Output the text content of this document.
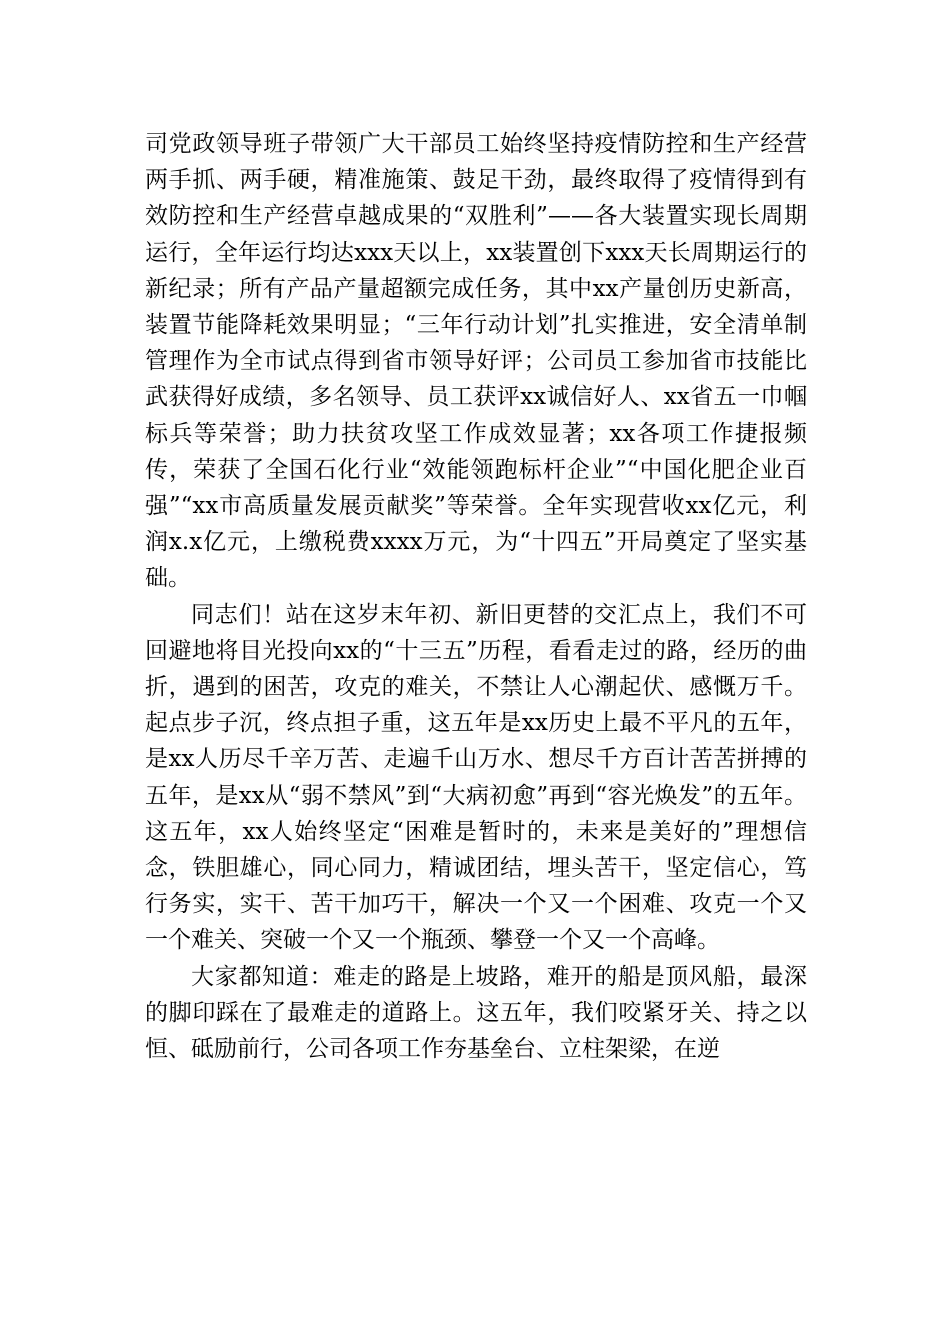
司党政领导班子带领广大干部员工始终坚持疫情防控和生产经营两手抓、两手硬，精准施策、鼓足干劲，最终取得了疫情得到有效防控和生产经营卓越成果的“双胜利”——各大装置实现长周期运行，全年运行均达xxx天以上，xx装置创下xxx天长周期运行的新纪录；所有产品产量超额完成任务，其中xx产量创历史新高，装置节能降耗效果明显；“三年行动计划”扎实推进，安全清单制管理作为全市试点得到省市领导好评；公司员工参加省市技能比武获得好成绩，多名领导、员工获评xx诚信好人、xx省五一巾帼标兵等荣誉；助力扶贫攻坚工作成效显著；xx各项工作捷报频传，荣获了全国石化行业“效能领跑标杆企业”“中国化肥企业百强”“xx市高质量发展贡献奖”等荣誉。全年实现营收xx亿元，利润x.x亿元，上缴税费xxxx万元，为“十四五”开局奠定了坚实基础。

同志们！站在这岁末年初、新旧更替的交汇点上，我们不可回避地将目光投向xx的“十三五”历程，看看走过的路，经历的曲折，遇到的困苦，攻克的难关，不禁让人心潮起伏、感慨万千。起点步子沉，终点担子重，这五年是xx历史上最不平凡的五年，是xx人历尽千辛万苦、走遍千山万水、想尽千方百计苦苦拼搏的五年，是xx从“弱不禁风”到“大病初愈”再到“容光焕发”的五年。这五年，xx人始终坚定“困难是暂时的，未来是美好的”理想信念，铁胆雄心，同心同力，精诚团结，埋头苦干，坚定信心，笃行务实，实干、苦干加巧干，解决一个又一个困难、攻克一个又一个难关、突破一个又一个瓶颈、攀登一个又一个高峰。

大家都知道：难走的路是上坡路，难开的船是顶风船，最深的脚印踩在了最难走的道路上。这五年，我们咬紧牙关、持之以恒、砥励前行，公司各项工作夯基垒台、立柱架梁，在逆
